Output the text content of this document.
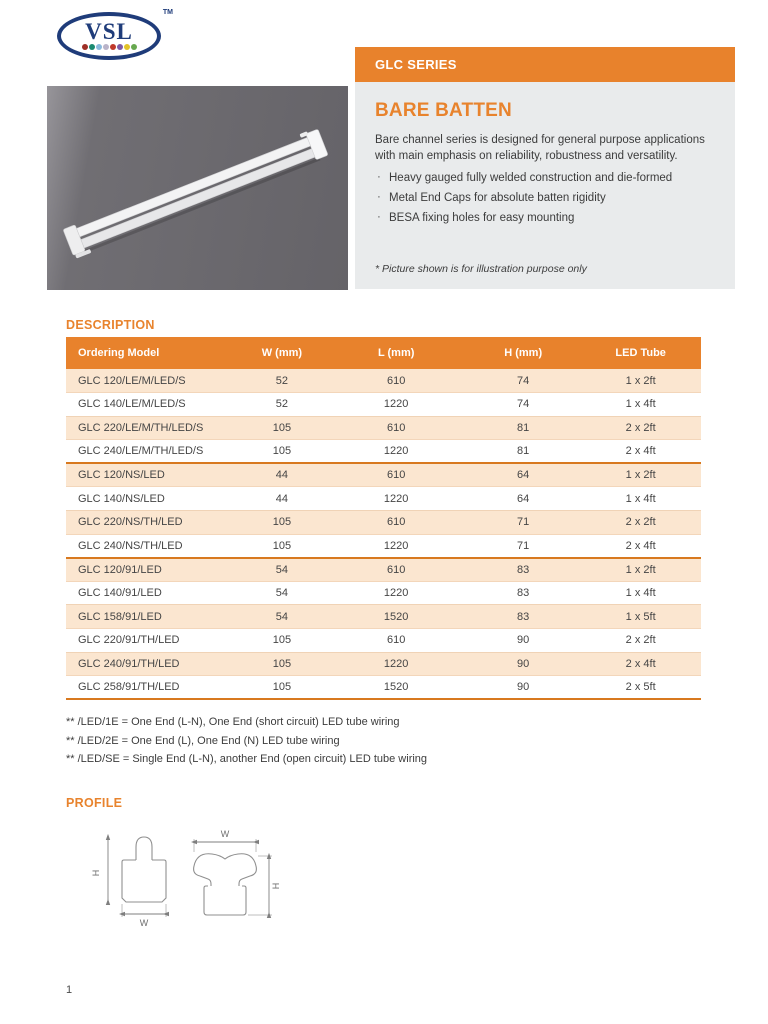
VSL
TM
GLC SERIES
BARE BATTEN
Bare channel series is designed for general purpose applications with main emphasis on reliability, robustness and versatility.
· Heavy gauged fully welded construction and die-formed
· Metal End Caps for absolute batten rigidity
· BESA fixing holes for easy mounting
* Picture shown is for illustration purpose only
DESCRIPTION
Ordering Model	W (mm)	L (mm)	H (mm)	LED Tube
GLC 120/LE/M/LED/S	52	610	74	1 x 2ft
GLC 140/LE/M/LED/S	52	1220	74	1 x 4ft
GLC 220/LE/M/TH/LED/S	105	610	81	2 x 2ft
GLC 240/LE/M/TH/LED/S	105	1220	81	2 x 4ft
GLC 120/NS/LED	44	610	64	1 x 2ft
GLC 140/NS/LED	44	1220	64	1 x 4ft
GLC 220/NS/TH/LED	105	610	71	2 x 2ft
GLC 240/NS/TH/LED	105	1220	71	2 x 4ft
GLC 120/91/LED	54	610	83	1 x 2ft
GLC 140/91/LED	54	1220	83	1 x 4ft
GLC 158/91/LED	54	1520	83	1 x 5ft
GLC 220/91/TH/LED	105	610	90	2 x 2ft
GLC 240/91/TH/LED	105	1220	90	2 x 4ft
GLC 258/91/TH/LED	105	1520	90	2 x 5ft
** /LED/1E = One End (L-N), One End (short circuit) LED tube wiring
** /LED/2E = One End (L), One End (N) LED tube wiring
** /LED/SE = Single End (L-N), another End (open circuit) LED tube wiring
PROFILE
H
W
W
H
1
